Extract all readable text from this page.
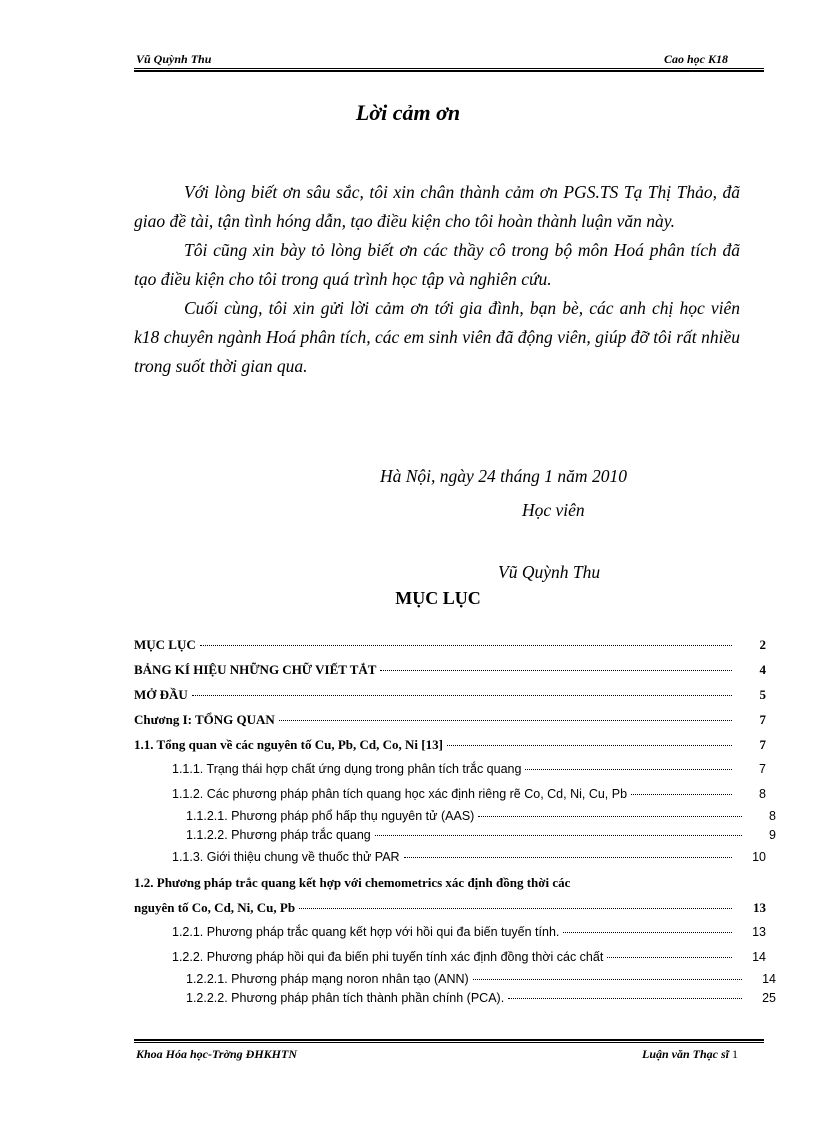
Vũ Quỳnh Thu	Cao học K18
Lời cảm ơn

Với lòng biết ơn sâu sắc, tôi xin chân thành cảm ơn PGS.TS Tạ Thị Thảo, đã giao đề tài, tận tình hóng dẫn, tạo điều kiện cho tôi hoàn thành luận văn này.

Tôi cũng xin bày tỏ lòng biết ơn các thầy cô trong bộ môn Hoá phân tích đã tạo điều kiện cho tôi trong quá trình học tập và nghiên cứu.

Cuối cùng, tôi xin gửi lời cảm ơn tới gia đình, bạn bè, các anh chị học viên k18 chuyên ngành Hoá phân tích, các em sinh viên đã động viên, giúp đỡ tôi rất nhiều trong suốt thời gian qua.

Hà Nội, ngày 24 tháng 1 năm 2010
Học viên
Vũ Quỳnh Thu
MỤC LỤC
MỤC LỤC	2
BẢNG KÍ HIỆU NHỮNG CHỮ VIẾT TẮT	4
MỞ ĐẦU	5
Chương I: TỔNG QUAN	7
1.1. Tổng quan về các nguyên tố Cu, Pb, Cd, Co, Ni [13]	7
1.1.1. Trạng thái hợp chất ứng dụng trong phân tích trắc quang	7
1.1.2. Các phương pháp phân tích quang học xác định riêng rẽ Co, Cd, Ni, Cu, Pb	8
1.1.2.1. Phương pháp phổ hấp thụ nguyên tử (AAS)	8
1.1.2.2. Phương pháp trắc quang	9
1.1.3. Giới thiệu chung về thuốc thử PAR	10
1.2. Phương pháp trắc quang kết hợp với chemometrics xác định đồng thời các
nguyên tố Co, Cd, Ni, Cu, Pb	13
1.2.1. Phương pháp trắc quang kết hợp với hồi qui đa biến tuyến tính.	13
1.2.2. Phương pháp hồi qui đa biến phi tuyến tính xác định đồng thời các chất	14
1.2.2.1. Phương pháp mạng noron nhân tạo (ANN)	14
1.2.2.2. Phương pháp phân tích thành phần chính (PCA).	25
Khoa Hóa học-Trờng ĐHKHTN	Luận văn Thạc sĩ 1
